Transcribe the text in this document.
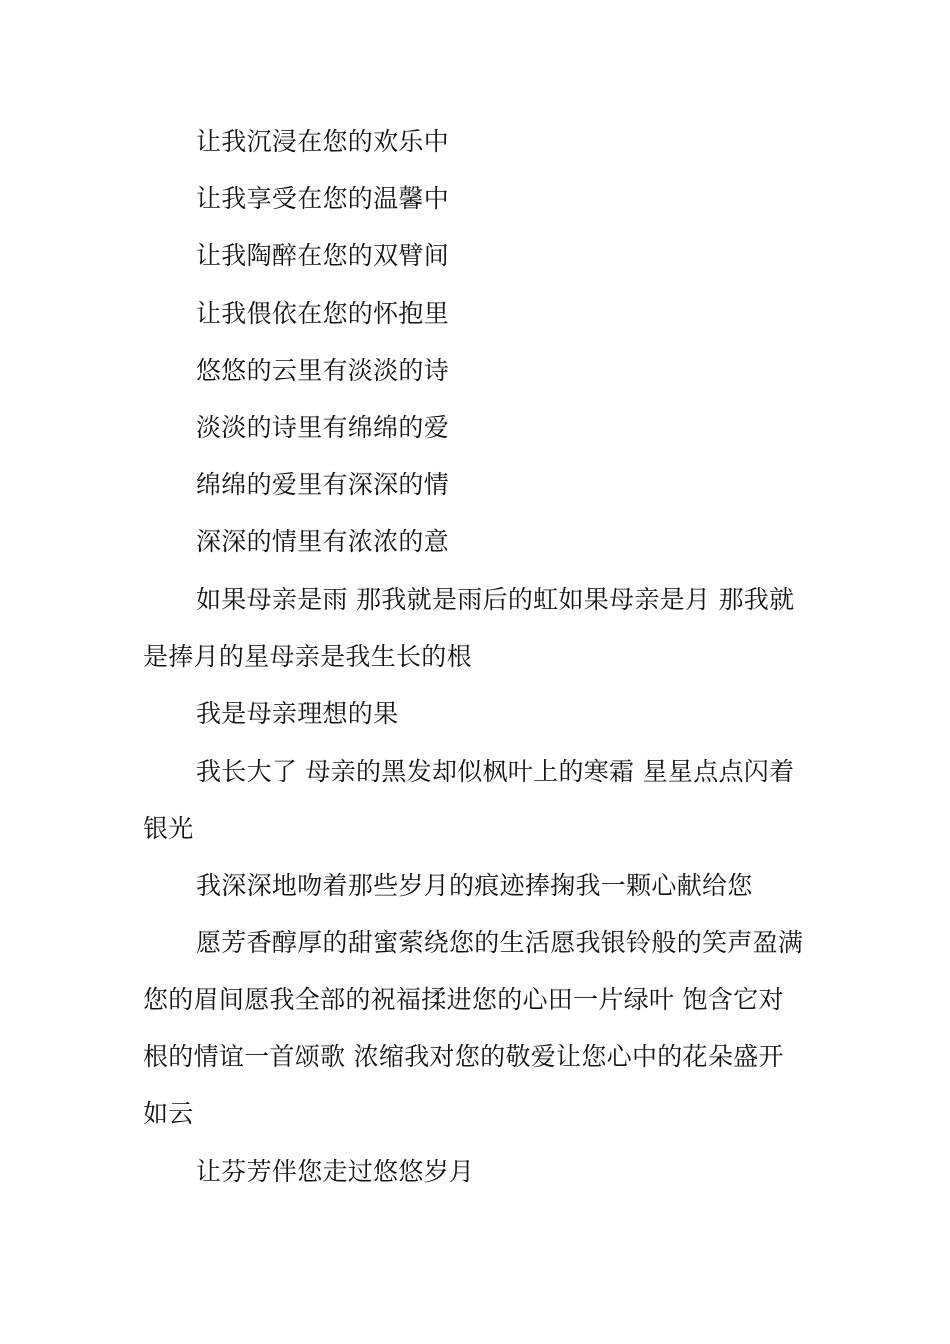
让我沉浸在您的欢乐中

让我享受在您的温馨中

让我陶醉在您的双臂间

让我偎依在您的怀抱里

悠悠的云里有淡淡的诗

淡淡的诗里有绵绵的爱

绵绵的爱里有深深的情

深深的情里有浓浓的意

如果母亲是雨 那我就是雨后的虹如果母亲是月 那我就是捧月的星母亲是我生长的根

我是母亲理想的果

我长大了 母亲的黑发却似枫叶上的寒霜 星星点点闪着银光

我深深地吻着那些岁月的痕迹捧掬我一颗心献给您

愿芳香醇厚的甜蜜萦绕您的生活愿我银铃般的笑声盈满您的眉间愿我全部的祝福揉进您的心田一片绿叶 饱含它对根的情谊一首颂歌 浓缩我对您的敬爱让您心中的花朵盛开如云

让芬芳伴您走过悠悠岁月
